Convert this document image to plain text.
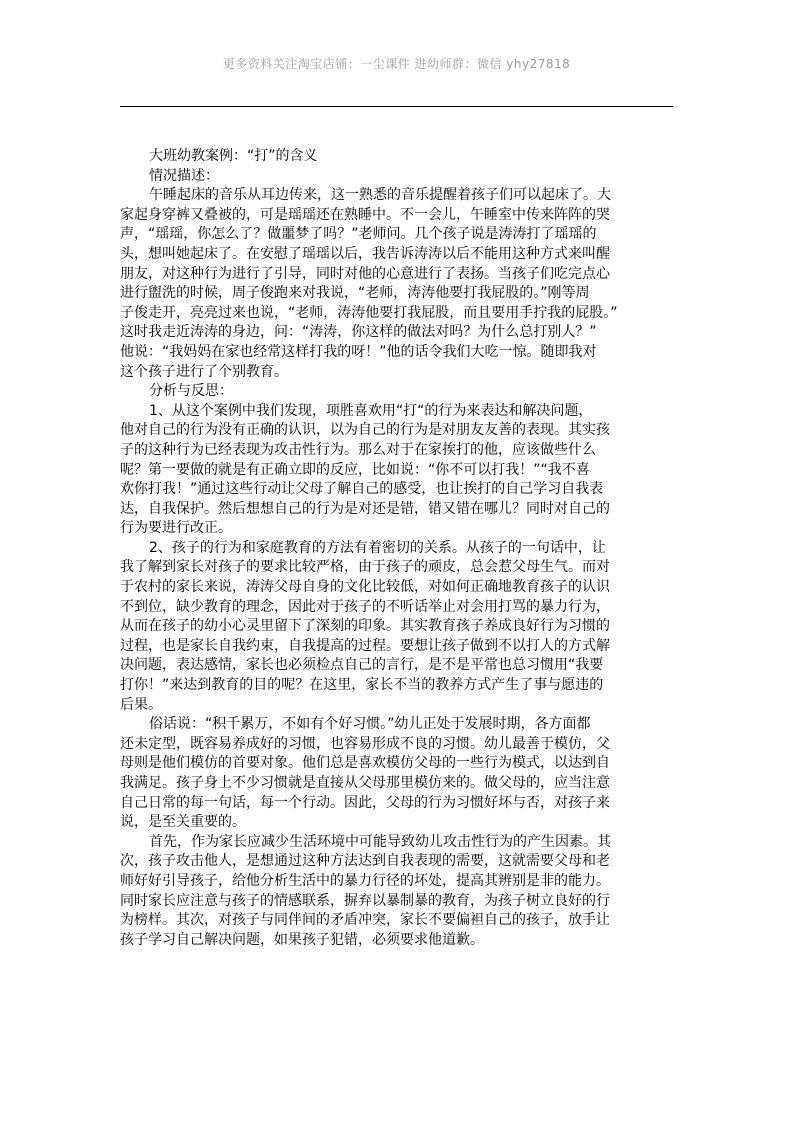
更多资料关注淘宝店铺：一尘课件 进幼师群：微信 yhy27818
大班幼教案例：“打”的含义
情况描述：
午睡起床的音乐从耳边传来，这一熟悉的音乐提醒着孩子们可以起床了。大
家起身穿裤又叠被的，可是瑶瑶还在熟睡中。不一会儿，午睡室中传来阵阵的哭
声，“瑶瑶，你怎么了？做噩梦了吗？”老师问。几个孩子说是涛涛打了瑶瑶的
头，想叫她起床了。在安慰了瑶瑶以后，我告诉涛涛以后不能用这种方式来叫醒
朋友，对这种行为进行了引导，同时对他的心意进行了表扬。当孩子们吃完点心
进行盥洗的时候，周子俊跑来对我说，“老师，涛涛他要打我屁股的。”刚等周
子俊走开，亮亮过来也说，“老师，涛涛他要打我屁股，而且要用手拧我的屁股。”
这时我走近涛涛的身边，问：“涛涛，你这样的做法对吗？为什么总打别人？”
他说：“我妈妈在家也经常这样打我的呀！”他的话令我们大吃一惊。随即我对
这个孩子进行了个别教育。
分析与反思：
1、从这个案例中我们发现，项胜喜欢用“打“的行为来表达和解决问题，
他对自己的行为没有正确的认识，以为自己的行为是对朋友友善的表现。其实孩
子的这种行为已经表现为攻击性行为。那么对于在家挨打的他，应该做些什么
呢？第一要做的就是有正确立即的反应，比如说：“你不可以打我！”“我不喜
欢你打我！”通过这些行动让父母了解自己的感受，也让挨打的自己学习自我表
达，自我保护。然后想想自己的行为是对还是错，错又错在哪儿？同时对自己的
行为要进行改正。
2、孩子的行为和家庭教育的方法有着密切的关系。从孩子的一句话中，让
我了解到家长对孩子的要求比较严格，由于孩子的顽皮，总会惹父母生气。而对
于农村的家长来说，涛涛父母自身的文化比较低，对如何正确地教育孩子的认识
不到位，缺少教育的理念，因此对于孩子的不听话举止对会用打骂的暴力行为，
从而在孩子的幼小心灵里留下了深刻的印象。其实教育孩子养成良好行为习惯的
过程，也是家长自我约束，自我提高的过程。要想让孩子做到不以打人的方式解
决问题，表达感情，家长也必须检点自己的言行，是不是平常也总习惯用“我要
打你！”来达到教育的目的呢？在这里，家长不当的教养方式产生了事与愿违的
后果。
俗话说：“积千累万，不如有个好习惯。”幼儿正处于发展时期，各方面都
还未定型，既容易养成好的习惯，也容易形成不良的习惯。幼儿最善于模仿，父
母则是他们模仿的首要对象。他们总是喜欢模仿父母的一些行为模式，以达到自
我满足。孩子身上不少习惯就是直接从父母那里模仿来的。做父母的，应当注意
自己日常的每一句话，每一个行动。因此，父母的行为习惯好坏与否，对孩子来
说，是至关重要的。
首先，作为家长应减少生活环境中可能导致幼儿攻击性行为的产生因素。其
次，孩子攻击他人，是想通过这种方法达到自我表现的需要，这就需要父母和老
师好好引导孩子，给他分析生活中的暴力行径的坏处，提高其辨别是非的能力。
同时家长应注意与孩子的情感联系，摒弃以暴制暴的教育，为孩子树立良好的行
为榜样。其次，对孩子与同伴间的矛盾冲突，家长不要偏袒自己的孩子，放手让
孩子学习自己解决问题，如果孩子犯错，必须要求他道歉。
